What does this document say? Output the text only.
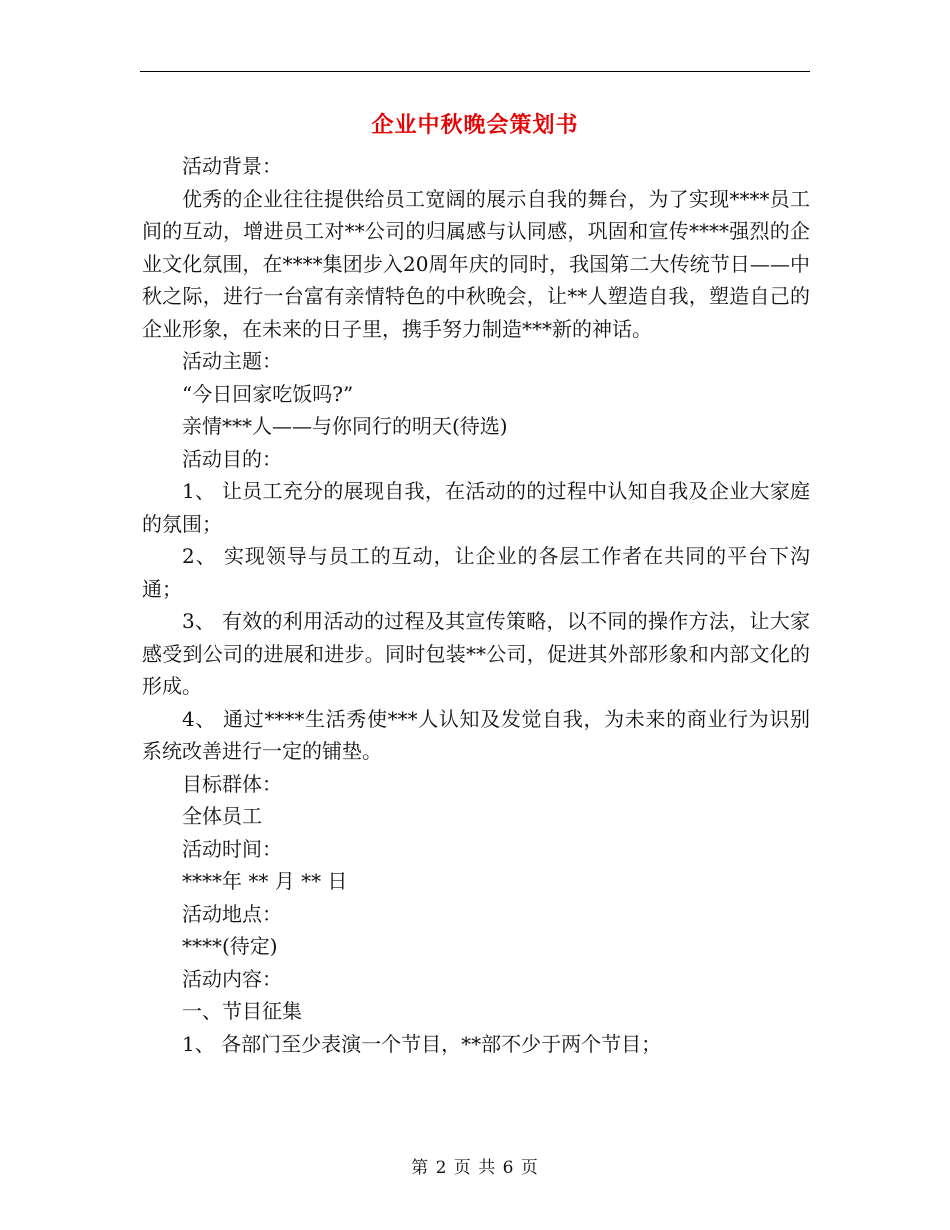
企业中秋晚会策划书

活动背景：

优秀的企业往往提供给员工宽阔的展示自我的舞台，为了实现****员工间的互动，增进员工对**公司的归属感与认同感，巩固和宣传****强烈的企业文化氛围，在****集团步入20周年庆的同时，我国第二大传统节日——中秋之际，进行一台富有亲情特色的中秋晚会，让**人塑造自我，塑造自己的企业形象，在未来的日子里，携手努力制造***新的神话。

活动主题：

“今日回家吃饭吗?”

亲情***人——与你同行的明天(待选)

活动目的：

1、 让员工充分的展现自我，在活动的的过程中认知自我及企业大家庭的氛围；

2、 实现领导与员工的互动，让企业的各层工作者在共同的平台下沟通；

3、 有效的利用活动的过程及其宣传策略，以不同的操作方法，让大家感受到公司的进展和进步。同时包装**公司，促进其外部形象和内部文化的形成。

4、 通过****生活秀使***人认知及发觉自我，为未来的商业行为识别系统改善进行一定的铺垫。

目标群体：

全体员工

活动时间：

****年 ** 月 ** 日

活动地点：

****(待定)

活动内容：

一、节目征集

1、 各部门至少表演一个节目，**部不少于两个节目；

第 2 页 共 6 页
